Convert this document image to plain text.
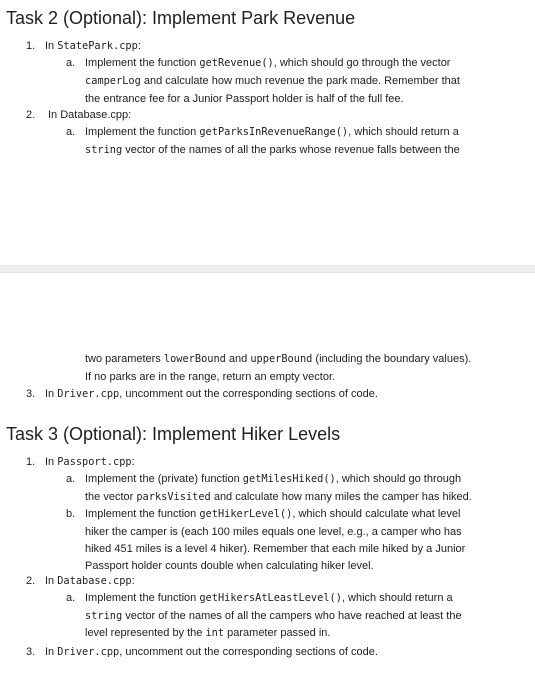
Task 2 (Optional): Implement Park Revenue
1. In StatePark.cpp:
a. Implement the function getRevenue(), which should go through the vector
camperLog and calculate how much revenue the park made. Remember that
the entrance fee for a Junior Passport holder is half of the full fee.
2. In Database.cpp:
a. Implement the function getParksInRevenueRange(), which should return a
string vector of the names of all the parks whose revenue falls between the
two parameters lowerBound and upperBound (including the boundary values).
If no parks are in the range, return an empty vector.
3. In Driver.cpp, uncomment out the corresponding sections of code.
Task 3 (Optional): Implement Hiker Levels
1. In Passport.cpp:
a. Implement the (private) function getMilesHiked(), which should go through
the vector parksVisited and calculate how many miles the camper has hiked.
b. Implement the function getHikerLevel(), which should calculate what level
hiker the camper is (each 100 miles equals one level, e.g., a camper who has
hiked 451 miles is a level 4 hiker). Remember that each mile hiked by a Junior
Passport holder counts double when calculating hiker level.
2. In Database.cpp:
a. Implement the function getHikersAtLeastLevel(), which should return a
string vector of the names of all the campers who have reached at least the
level represented by the int parameter passed in.
3. In Driver.cpp, uncomment out the corresponding sections of code.
